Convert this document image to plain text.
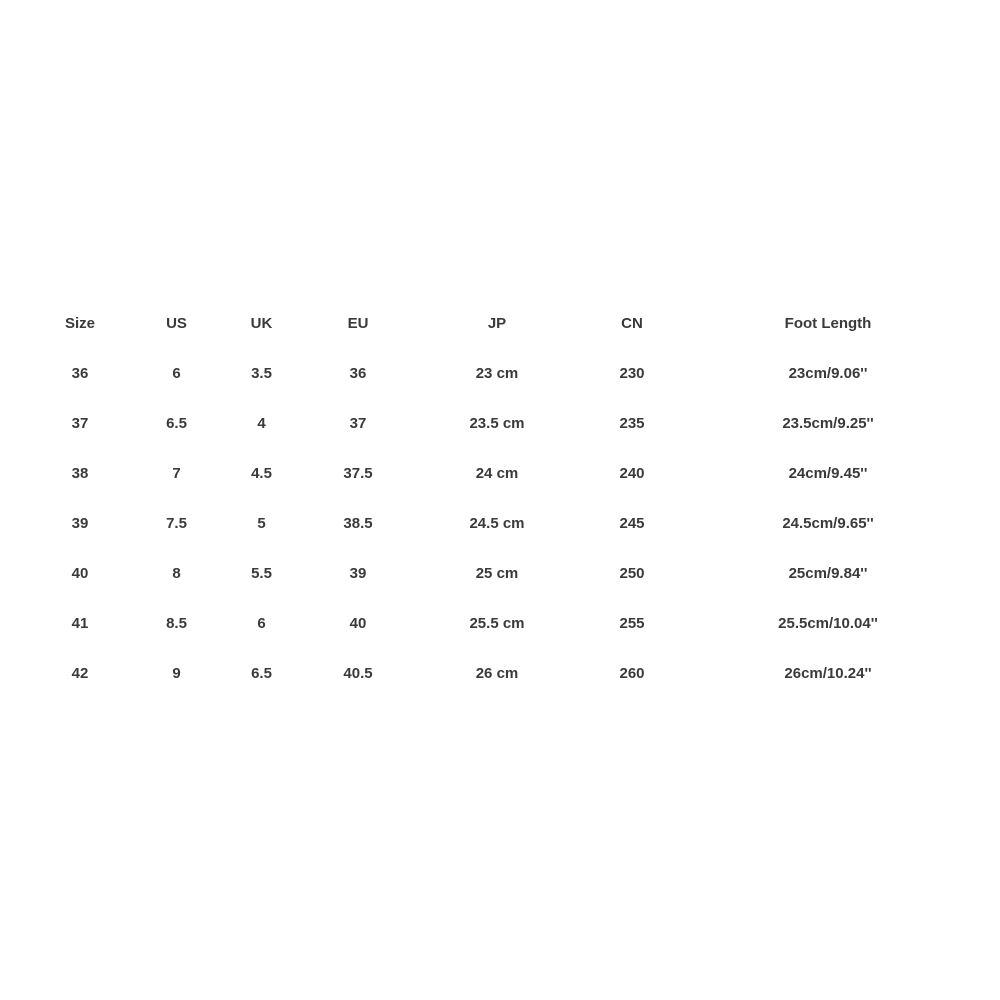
Size	US	UK	EU	JP	CN	Foot Length
36	6	3.5	36	23 cm	230	23cm/9.06''
37	6.5	4	37	23.5 cm	235	23.5cm/9.25''
38	7	4.5	37.5	24 cm	240	24cm/9.45''
39	7.5	5	38.5	24.5 cm	245	24.5cm/9.65''
40	8	5.5	39	25 cm	250	25cm/9.84''
41	8.5	6	40	25.5 cm	255	25.5cm/10.04''
42	9	6.5	40.5	26 cm	260	26cm/10.24''
